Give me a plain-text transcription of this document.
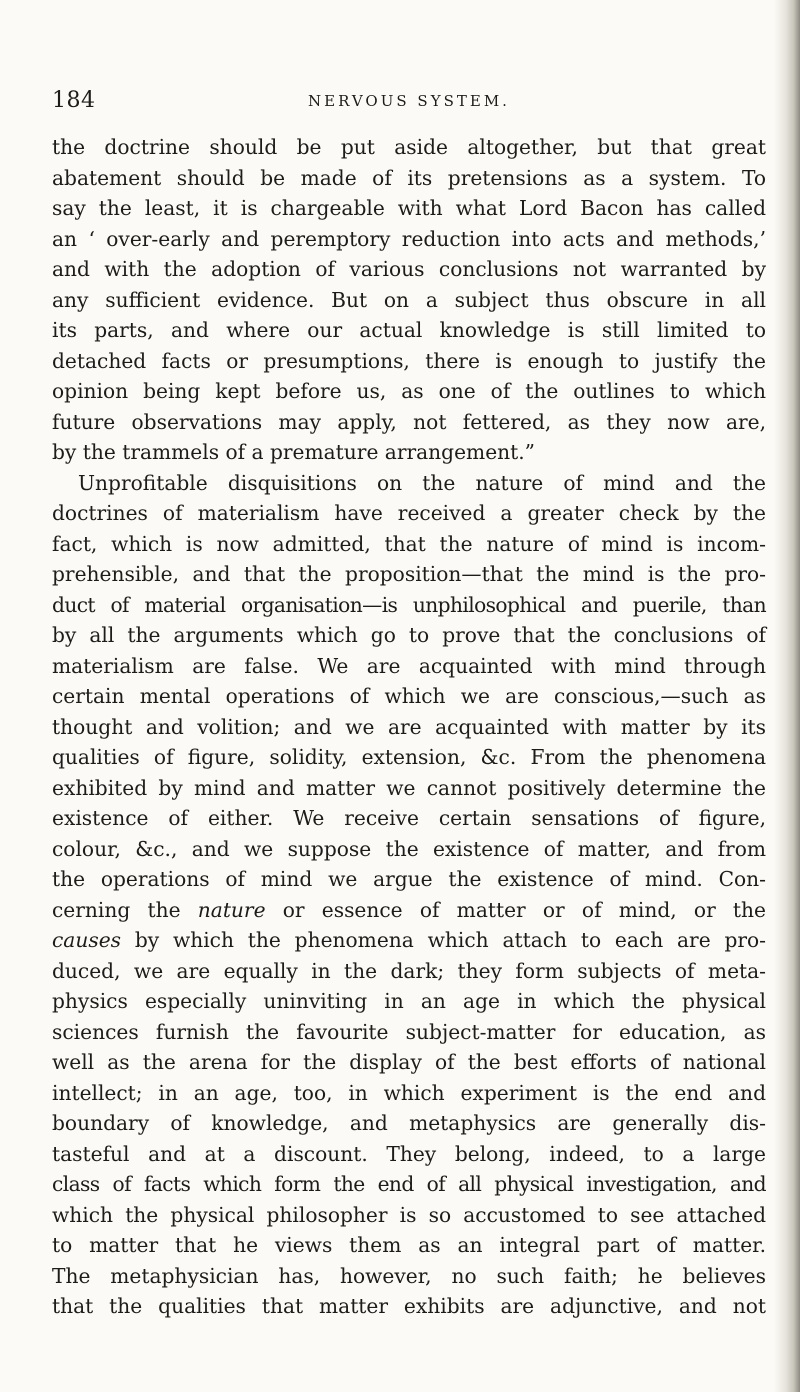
184	NERVOUS SYSTEM.
the doctrine should be put aside altogether, but that great
abatement should be made of its pretensions as a system. To
say the least, it is chargeable with what Lord Bacon has called
an ‘ over-early and peremptory reduction into acts and methods,’
and with the adoption of various conclusions not warranted by
any sufficient evidence. But on a subject thus obscure in all
its parts, and where our actual knowledge is still limited to
detached facts or presumptions, there is enough to justify the
opinion being kept before us, as one of the outlines to which
future observations may apply, not fettered, as they now are,
by the trammels of a premature arrangement.”
Unprofitable disquisitions on the nature of mind and the
doctrines of materialism have received a greater check by the
fact, which is now admitted, that the nature of mind is incom-
prehensible, and that the proposition—that the mind is the pro-
duct of material organisation—is unphilosophical and puerile, than
by all the arguments which go to prove that the conclusions of
materialism are false. We are acquainted with mind through
certain mental operations of which we are conscious,—such as
thought and volition; and we are acquainted with matter by its
qualities of figure, solidity, extension, &c. From the phenomena
exhibited by mind and matter we cannot positively determine the
existence of either. We receive certain sensations of figure,
colour, &c., and we suppose the existence of matter, and from
the operations of mind we argue the existence of mind. Con-
cerning the nature or essence of matter or of mind, or the
causes by which the phenomena which attach to each are pro-
duced, we are equally in the dark; they form subjects of meta-
physics especially uninviting in an age in which the physical
sciences furnish the favourite subject-matter for education, as
well as the arena for the display of the best efforts of national
intellect; in an age, too, in which experiment is the end and
boundary of knowledge, and metaphysics are generally dis-
tasteful and at a discount. They belong, indeed, to a large
class of facts which form the end of all physical investigation, and
which the physical philosopher is so accustomed to see attached
to matter that he views them as an integral part of matter.
The metaphysician has, however, no such faith; he believes
that the qualities that matter exhibits are adjunctive, and not
